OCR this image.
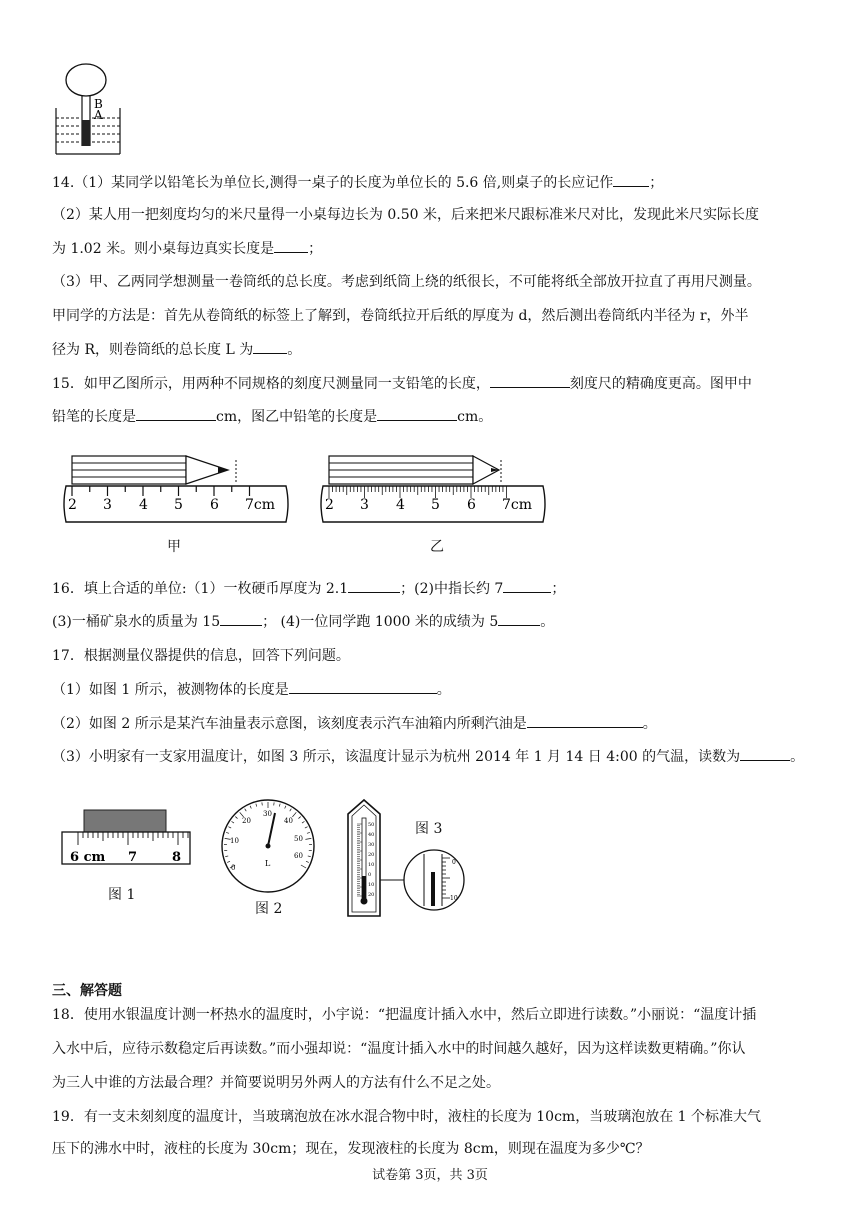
B
A
14.（1）某同学以铅笔长为单位长,测得一桌子的长度为单位长的 5.6 倍,则桌子的长应记作	；
（2）某人用一把刻度均匀的米尺量得一小桌每边长为 0.50 米，后来把米尺跟标准米尺对比，发现此米尺实际长度
为 1.02 米。则小桌每边真实长度是 ；
（3）甲、乙两同学想测量一卷筒纸的总长度。考虑到纸筒上绕的纸很长，不可能将纸全部放开拉直了再用尺测量。
甲同学的方法是：首先从卷筒纸的标签上了解到，卷筒纸拉开后纸的厚度为 d，然后测出卷筒纸内半径为 r，外半
径为 R，则卷筒纸的总长度 L 为 。
15．如甲乙图所示，用两种不同规格的刻度尺测量同一支铅笔的长度，	刻度尺的精确度更高。图甲中
铅笔的长度是	cm，图乙中铅笔的长度是	cm。
2 3 4 5 6 7cm
甲
2 3 4 5 6 7cm
乙
16．填上合适的单位:（1）一枚硬币厚度为 2.1	；(2)中指长约 7	；
(3)一桶矿泉水的质量为 15	； (4)一位同学跑 1000 米的成绩为 5	。
17．根据测量仪器提供的信息，回答下列问题。
（1）如图 1 所示，被测物体的长度是	。
（2）如图 2 所示是某汽车油量表示意图，该刻度表示汽车油箱内所剩汽油是	。
（3）小明家有一支家用温度计，如图 3 所示，该温度计显示为杭州 2014 年 1 月 14 日 4:00 的气温，读数为	。
6 cm 7	8
图 1
0
10
20
30
40
50
60
L
图 2
50
40
30
20
10
0
10
20
0
10
图 3
三、解答题
18．使用水银温度计测一杯热水的温度时，小宇说：“把温度计插入水中，然后立即进行读数。”小丽说：“温度计插
入水中后，应待示数稳定后再读数。”而小强却说：“温度计插入水中的时间越久越好，因为这样读数更精确。”你认
为三人中谁的方法最合理？并简要说明另外两人的方法有什么不足之处。
19．有一支未刻刻度的温度计，当玻璃泡放在冰水混合物中时，液柱的长度为 10cm，当玻璃泡放在 1 个标准大气
压下的沸水中时，液柱的长度为 30cm；现在，发现液柱的长度为 8cm，则现在温度为多少℃？
试卷第 3页，共 3页
